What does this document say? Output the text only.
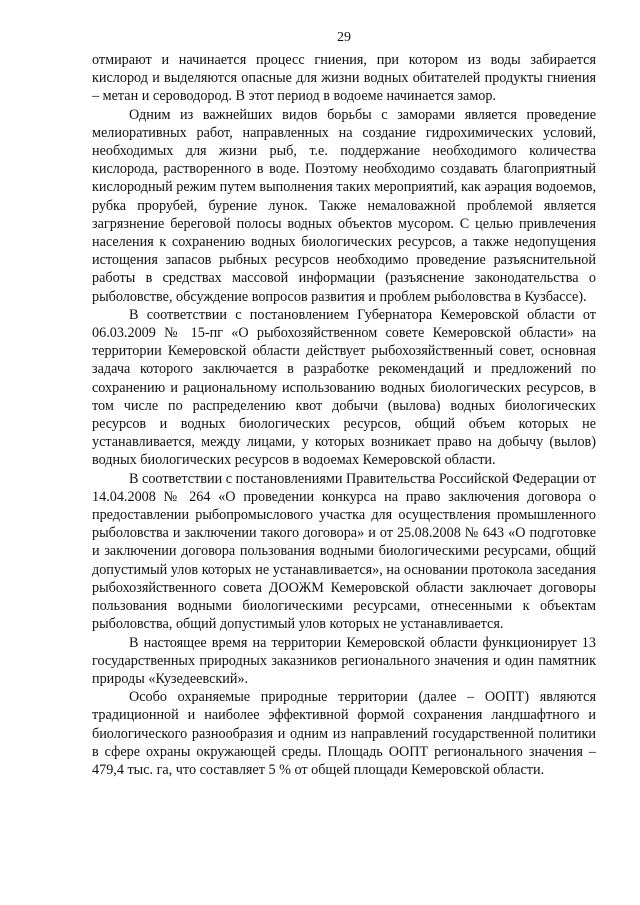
29

отмирают и начинается процесс гниения, при котором из воды забирается кислород и выделяются опасные для жизни водных обитателей продукты гниения – метан и сероводород. В этот период в водоеме начинается замор.

Одним из важнейших видов борьбы с заморами является проведение мелиоративных работ, направленных на создание гидрохимических условий, необходимых для жизни рыб, т.е. поддержание необходимого количества кислорода, растворенного в воде. Поэтому необходимо создавать благоприятный кислородный режим путем выполнения таких мероприятий, как аэрация водоемов, рубка прорубей, бурение лунок. Также немаловажной проблемой является загрязнение береговой полосы водных объектов мусором. С целью привлечения населения к сохранению водных биологических ресурсов, а также недопущения истощения запасов рыбных ресурсов необходимо проведение разъяснительной работы в средствах массовой информации (разъяснение законодательства о рыболовстве, обсуждение вопросов развития и проблем рыболовства в Кузбассе).

В соответствии с постановлением Губернатора Кемеровской области от 06.03.2009 № 15-пг «О рыбохозяйственном совете Кемеровской области» на территории Кемеровской области действует рыбохозяйственный совет, основная задача которого заключается в разработке рекомендаций и предложений по сохранению и рациональному использованию водных биологических ресурсов, в том числе по распределению квот добычи (вылова) водных биологических ресурсов и водных биологических ресурсов, общий объем которых не устанавливается, между лицами, у которых возникает право на добычу (вылов) водных биологических ресурсов в водоемах Кемеровской области.

В соответствии с постановлениями Правительства Российской Федерации от 14.04.2008 № 264 «О проведении конкурса на право заключения договора о предоставлении рыбопромыслового участка для осуществления промышленного рыболовства и заключении такого договора» и от 25.08.2008 № 643 «О подготовке и заключении договора пользования водными биологическими ресурсами, общий допустимый улов которых не устанавливается», на основании протокола заседания рыбохозяйственного совета ДООЖМ Кемеровской области заключает договоры пользования водными биологическими ресурсами, отнесенными к объектам рыболовства, общий допустимый улов которых не устанавливается.

В настоящее время на территории Кемеровской области функционирует 13 государственных природных заказников регионального значения и один памятник природы «Кузедеевский».

Особо охраняемые природные территории (далее – ООПТ) являются традиционной и наиболее эффективной формой сохранения ландшафтного и биологического разнообразия и одним из направлений государственной политики в сфере охраны окружающей среды. Площадь ООПТ регионального значения – 479,4 тыс. га, что составляет 5 % от общей площади Кемеровской области.
